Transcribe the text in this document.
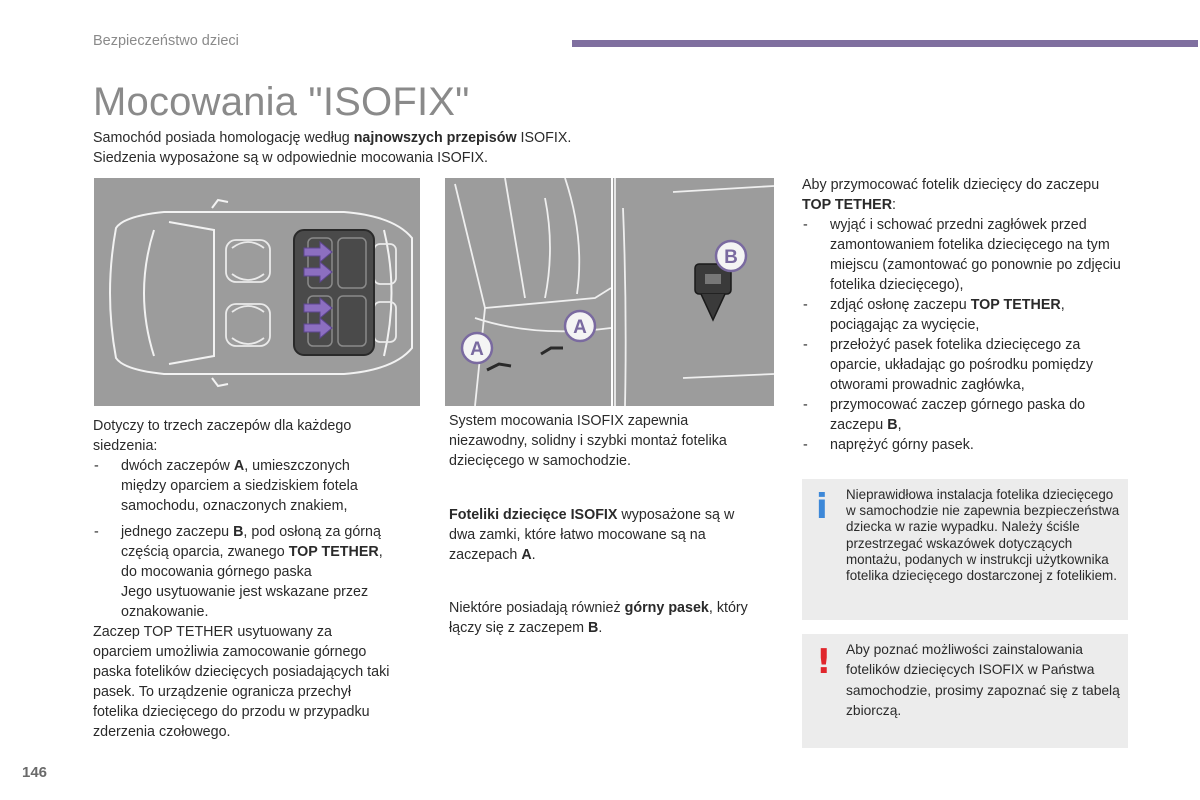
Bezpieczeństwo dzieci
Mocowania "ISOFIX"
Samochód posiada homologację według najnowszych przepisów ISOFIX.
Siedzenia wyposażone są w odpowiednie mocowania ISOFIX.
A
A
B
Dotyczy to trzech zaczepów dla każdego siedzenia:
- dwóch zaczepów A, umieszczonych między oparciem a siedziskiem fotela samochodu, oznaczonych znakiem,
- jednego zaczepu B, pod osłoną za górną częścią oparcia, zwanego TOP TETHER, do mocowania górnego paska
Jego usytuowanie jest wskazane przez oznakowanie.
Zaczep TOP TETHER usytuowany za oparciem umożliwia zamocowanie górnego paska fotelików dziecięcych posiadających taki pasek. To urządzenie ogranicza przechył fotelika dziecięcego do przodu w przypadku zderzenia czołowego.
System mocowania ISOFIX zapewnia niezawodny, solidny i szybki montaż fotelika dziecięcego w samochodzie.
Foteliki dziecięce ISOFIX wyposażone są w dwa zamki, które łatwo mocowane są na zaczepach A.
Niektóre posiadają również górny pasek, który łączy się z zaczepem B.
Aby przymocować fotelik dziecięcy do zaczepu TOP TETHER:
- wyjąć i schować przedni zagłówek przed zamontowaniem fotelika dziecięcego na tym miejscu (zamontować go ponownie po zdjęciu fotelika dziecięcego),
- zdjąć osłonę zaczepu TOP TETHER, pociągając za wycięcie,
- przełożyć pasek fotelika dziecięcego za oparcie, układając go pośrodku pomiędzy otworami prowadnic zagłówka,
- przymocować zaczep górnego paska do zaczepu B,
- naprężyć górny pasek.
i Nieprawidłowa instalacja fotelika dziecięcego w samochodzie nie zapewnia bezpieczeństwa dziecka w razie wypadku. Należy ściśle przestrzegać wskazówek dotyczących montażu, podanych w instrukcji użytkownika fotelika dziecięcego dostarczonej z fotelikiem.
! Aby poznać możliwości zainstalowania fotelików dziecięcych ISOFIX w Państwa samochodzie, prosimy zapoznać się z tabelą zbiorczą.
146
